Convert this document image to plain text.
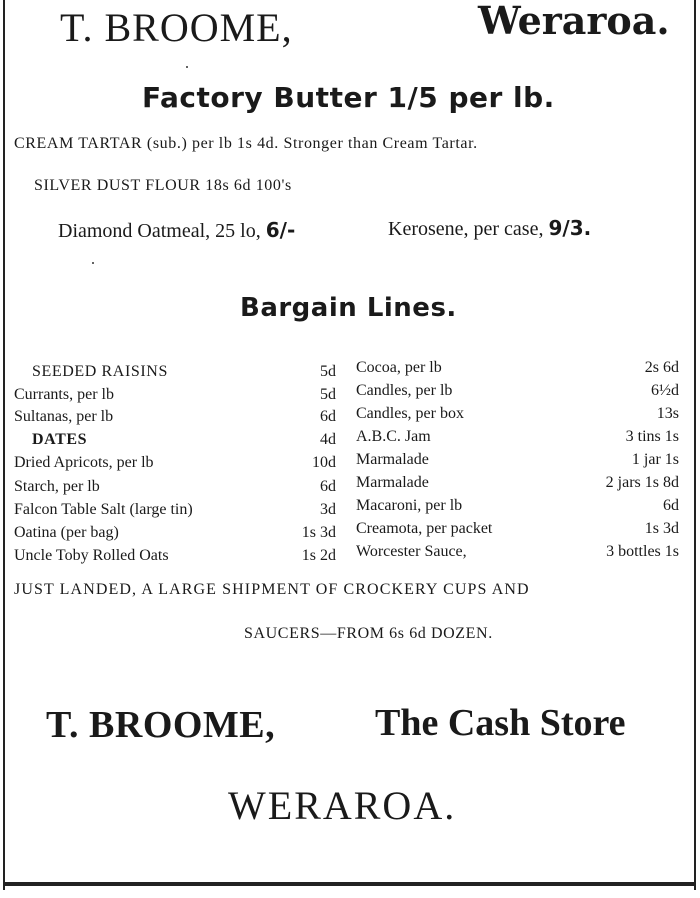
T. BROOME,	Weraroa.
Factory Butter 1/5 per lb.
CREAM TARTAR (sub.) per lb 1s 4d. Stronger than Cream Tartar.
SILVER DUST FLOUR 18s 6d 100's
Diamond Oatmeal, 25 lo, 6/-	Kerosene, per case, 9/3.
Bargain Lines.
SEEDED RAISINS	5d
Currants, per lb	5d
Sultanas, per lb	6d
DATES	4d
Dried Apricots, per lb	10d
Starch, per lb	6d
Falcon Table Salt (large tin)	3d
Oatina (per bag)	1s 3d
Uncle Toby Rolled Oats	1s 2d
Cocoa, per lb	2s 6d
Candles, per lb	6½d
Candles, per box	13s
A.B.C. Jam	3 tins 1s
Marmalade	1 jar 1s
Marmalade	2 jars 1s 8d
Macaroni, per lb	6d
Creamota, per packet	1s 3d
Worcester Sauce,	3 bottles 1s
JUST LANDED, A LARGE SHIPMENT OF CROCKERY CUPS AND
SAUCERS—FROM 6s 6d DOZEN.
T. BROOME,	The Cash Store
WERAROA.
